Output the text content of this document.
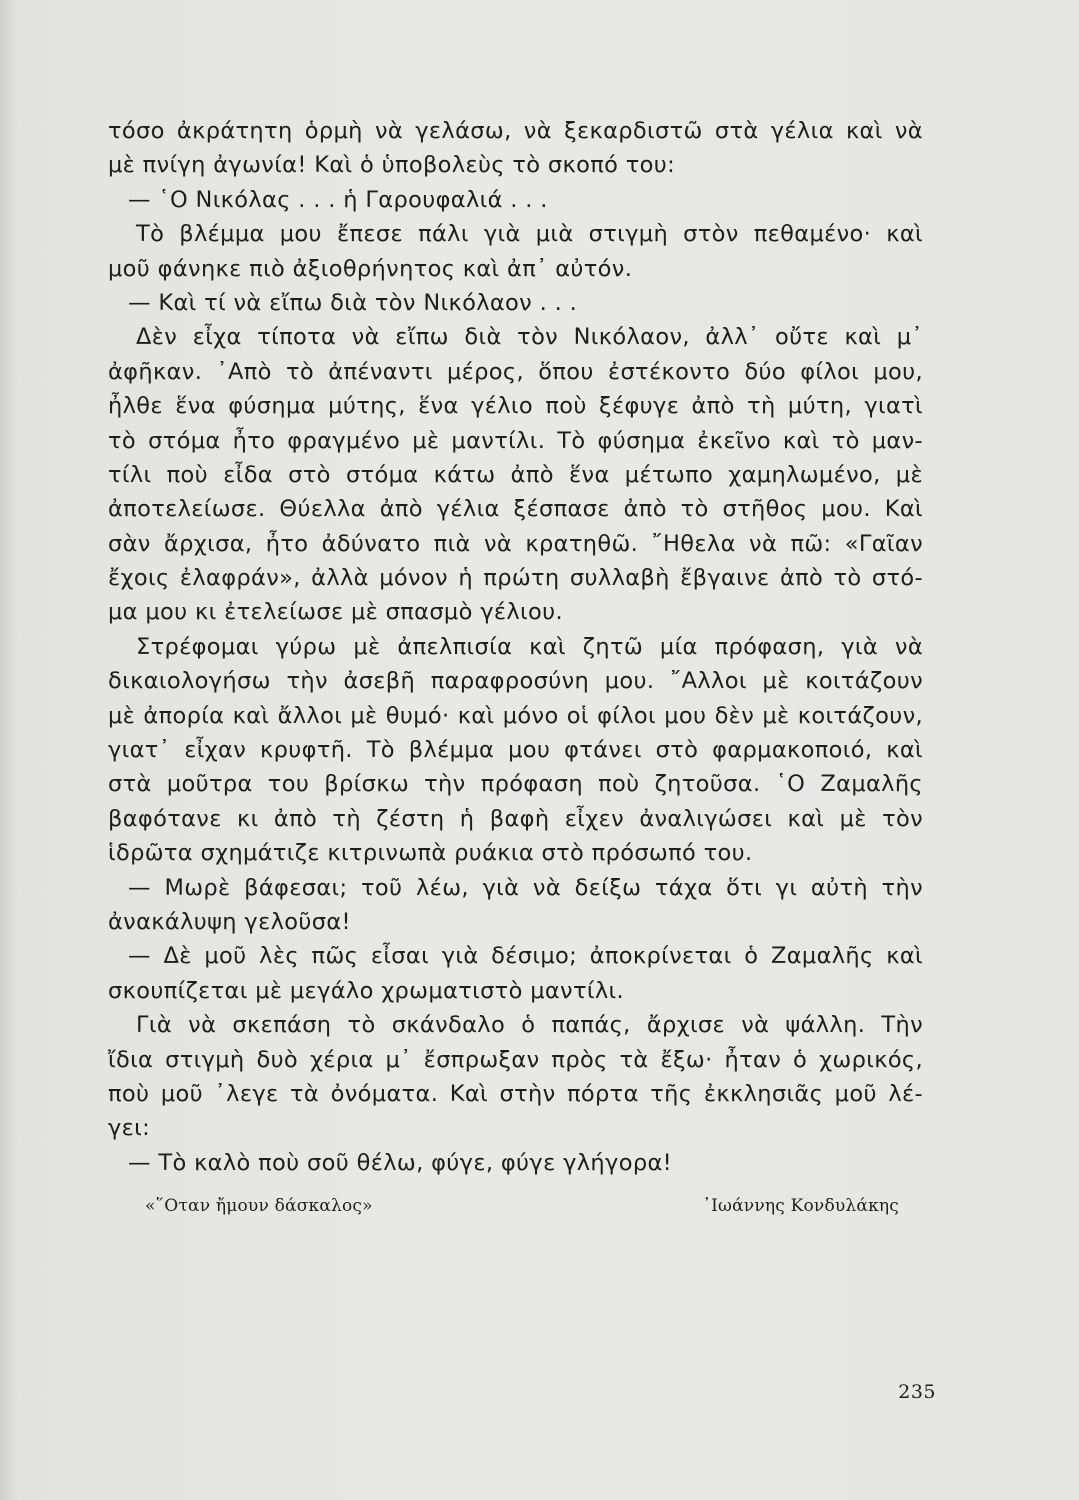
τόσο ἀκράτητη ὁρμὴ νὰ γελάσω, νὰ ξεκαρδιστῶ στὰ γέλια καὶ νὰ
μὲ πνίγη ἀγωνία! Καὶ ὁ ὑποβολεὺς τὸ σκοπό του:
— ῾Ο Νικόλας . . . ἡ Γαρουφαλιά . . .
Τὸ βλέμμα μου ἔπεσε πάλι γιὰ μιὰ στιγμὴ στὸν πεθαμένο· καὶ
μοῦ φάνηκε πιὸ ἀξιοθρήνητος καὶ ἀπ᾽ αὐτόν.
— Καὶ τί νὰ εἴπω διὰ τὸν Νικόλαον . . .
Δὲν εἶχα τίποτα νὰ εἴπω διὰ τὸν Νικόλαον, ἀλλ᾽ οὔτε καὶ μ᾽
ἀφῆκαν. ᾽Απὸ τὸ ἀπέναντι μέρος, ὅπου ἐστέκοντο δύο φίλοι μου,
ἦλθε ἕνα φύσημα μύτης, ἕνα γέλιο ποὺ ξέφυγε ἀπὸ τὴ μύτη, γιατὶ
τὸ στόμα ἦτο φραγμένο μὲ μαντίλι. Τὸ φύσημα ἐκεῖνο καὶ τὸ μαν-
τίλι ποὺ εἶδα στὸ στόμα κάτω ἀπὸ ἕνα μέτωπο χαμηλωμένο, μὲ
ἀποτελείωσε. Θύελλα ἀπὸ γέλια ξέσπασε ἀπὸ τὸ στῆθος μου. Καὶ
σὰν ἄρχισα, ἦτο ἀδύνατο πιὰ νὰ κρατηθῶ. ῎Ηθελα νὰ πῶ: «Γαῖαν
ἔχοις ἐλαφράν», ἀλλὰ μόνον ἡ πρώτη συλλαβὴ ἔβγαινε ἀπὸ τὸ στό-
μα μου κι ἐτελείωσε μὲ σπασμὸ γέλιου.
Στρέφομαι γύρω μὲ ἀπελπισία καὶ ζητῶ μία πρόφαση, γιὰ νὰ
δικαιολογήσω τὴν ἀσεβῆ παραφροσύνη μου. ῎Αλλοι μὲ κοιτάζουν
μὲ ἀπορία καὶ ἄλλοι μὲ θυμό· καὶ μόνο οἱ φίλοι μου δὲν μὲ κοιτάζουν,
γιατ᾽ εἶχαν κρυφτῆ. Τὸ βλέμμα μου φτάνει στὸ φαρμακοποιό, καὶ
στὰ μοῦτρα του βρίσκω τὴν πρόφαση ποὺ ζητοῦσα. ῾Ο Ζαμαλῆς
βαφότανε κι ἀπὸ τὴ ζέστη ἡ βαφὴ εἶχεν ἀναλιγώσει καὶ μὲ τὸν
ἱδρῶτα σχημάτιζε κιτρινωπὰ ρυάκια στὸ πρόσωπό του.
— Μωρὲ βάφεσαι; τοῦ λέω, γιὰ νὰ δείξω τάχα ὅτι γι αὐτὴ τὴν
ἀνακάλυψη γελοῦσα!
— Δὲ μοῦ λὲς πῶς εἶσαι γιὰ δέσιμο; ἀποκρίνεται ὁ Ζαμαλῆς καὶ
σκουπίζεται μὲ μεγάλο χρωματιστὸ μαντίλι.
Γιὰ νὰ σκεπάση τὸ σκάνδαλο ὁ παπάς, ἄρχισε νὰ ψάλλη. Τὴν
ἴδια στιγμὴ δυὸ χέρια μ᾽ ἔσπρωξαν πρὸς τὰ ἔξω· ἦταν ὁ χωρικός,
ποὺ μοῦ ᾽λεγε τὰ ὀνόματα. Καὶ στὴν πόρτα τῆς ἐκκλησιᾶς μοῦ λέ-
γει:
— Τὸ καλὸ ποὺ σοῦ θέλω, φύγε, φύγε γλήγορα!
«῞Οταν ἤμουν δάσκαλος»	᾽Ιωάννης Κονδυλάκης
235
